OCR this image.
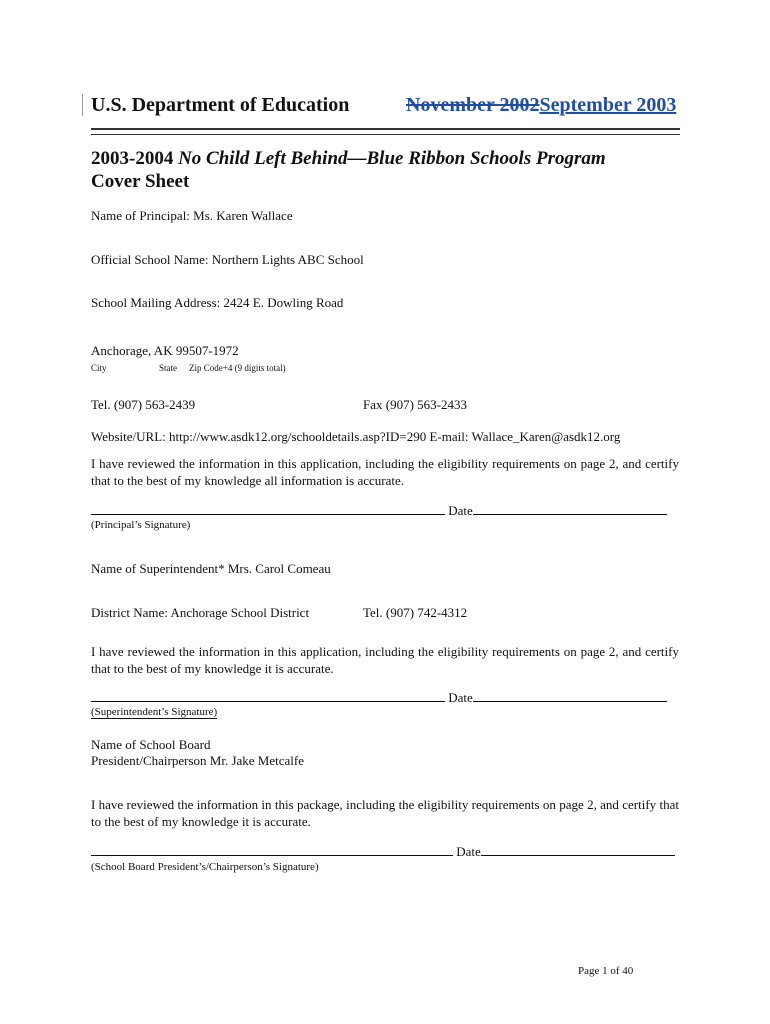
U.S. Department of Education	November 2002September 2003
2003-2004 No Child Left Behind—Blue Ribbon Schools Program
Cover Sheet
Name of Principal: Ms. Karen Wallace
Official School Name: Northern Lights ABC School
School Mailing Address: 2424 E. Dowling Road
Anchorage, AK 99507-1972
City	State Zip Code+4 (9 digits total)
Tel. (907) 563-2439	Fax (907) 563-2433
Website/URL: http://www.asdk12.org/schooldetails.asp?ID=290 E-mail: Wallace_Karen@asdk12.org
I have reviewed the information in this application, including the eligibility requirements on page 2, and certify that to the best of my knowledge all information is accurate.
Date
(Principal’s Signature)
Name of Superintendent* Mrs. Carol Comeau
District Name: Anchorage School District	Tel. (907) 742-4312
I have reviewed the information in this application, including the eligibility requirements on page 2, and certify that to the best of my knowledge it is accurate.
Date
(Superintendent’s Signature)
Name of School Board
President/Chairperson Mr. Jake Metcalfe
I have reviewed the information in this package, including the eligibility requirements on page 2, and certify that to the best of my knowledge it is accurate.
Date
(School Board President’s/Chairperson’s Signature)
Page 1 of 40
